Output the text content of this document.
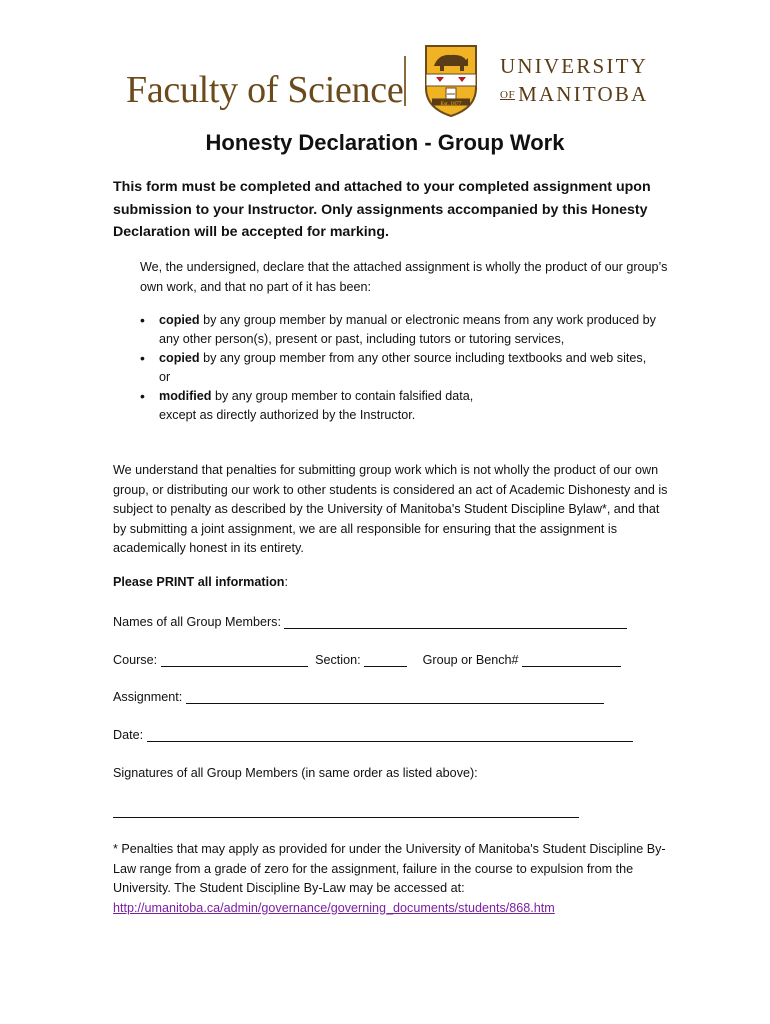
Faculty of Science	Est. 1877
UNIVERSITY
OF MANITOBA
Honesty Declaration - Group Work
This form must be completed and attached to your completed assignment upon submission to your Instructor. Only assignments accompanied by this Honesty Declaration will be accepted for marking.
We, the undersigned, declare that the attached assignment is wholly the product of our group’s own work, and that no part of it has been:
• copied by any group member by manual or electronic means from any work produced by any other person(s), present or past, including tutors or tutoring services,
• copied by any group member from any other source including textbooks and web sites, or
• modified by any group member to contain falsified data,
except as directly authorized by the Instructor.
We understand that penalties for submitting group work which is not wholly the product of our own group, or distributing our work to other students is considered an act of Academic Dishonesty and is subject to penalty as described by the University of Manitoba's Student Discipline Bylaw*, and that by submitting a joint assignment, we are all responsible for ensuring that the assignment is academically honest in its entirety.
Please PRINT all information:
Names of all Group Members:
Course:	Section:	Group or Bench#
Assignment:
Date:
Signatures of all Group Members (in same order as listed above):
* Penalties that may apply as provided for under the University of Manitoba's Student Discipline By-Law range from a grade of zero for the assignment, failure in the course to expulsion from the University. The Student Discipline By-Law may be accessed at:
http://umanitoba.ca/admin/governance/governing_documents/students/868.htm
